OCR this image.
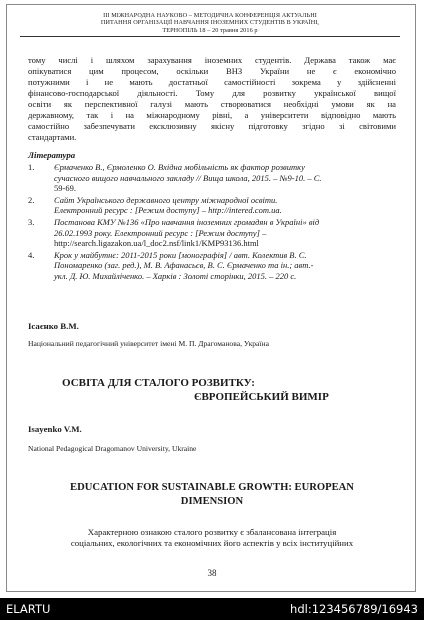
III МІЖНАРОДНА НАУКОВО – МЕТОДИЧНА КОНФЕРЕНЦІЯ АКТУАЛЬНІ
ПИТАННЯ ОРГАНІЗАЦІЇ НАВЧАННЯ ІНОЗЕМНИХ СТУДЕНТІВ В УКРАЇНІ,
ТЕРНОПІЛЬ 18 – 20 травня 2016 р
тому числі і шляхом зарахування іноземних студентів. Держава також має
опікуватися цим процесом, оскільки ВНЗ України не є економічно
потужними і не мають достатньої самостійності зокрема у здійсненні
фінансово-господарської діяльності. Тому для розвитку української вищої
освіти як перспективної галузі мають створюватися необхідні умови як на
державному, так і на міжнародному рівні, а університети відповідно мають
самостійно забезпечувати ексклюзивну якісну підготовку згідно зі світовими
стандартами.
Література
1.	Єрмаченко В., Єрмоленко О. Вхідна мобільність як фактор розвитку
сучасного вищого навчального закладу // Вища школа, 2015. – №9-10. – С.
59-69.
2.	Сайт Українського державного центру міжнародної освіти.
Електронний ресурс : [Режим доступу] – http://intered.com.ua.
3.	Постанова КМУ №136 «Про навчання іноземних громадян в Україні» від
26.02.1993 року. Електронний ресурс : [Режим доступу] –
http://search.ligazakon.ua/l_doc2.nsf/link1/KMP93136.html
4.	Крок у майбутнє: 2011-2015 роки [монографія] / авт. Колектив В. С.
Пономаренко (заг. ред.), М. В. Афанасьєв, В. С. Єрмаченко та ін.; авт.-
укл. Д. Ю. Михайліченко. – Харків : Золоті сторінки, 2015. – 220 с.
Ісаєнко В.М.
Національний педагогічний університет імені М. П. Драгоманова, Україна
ОСВІТА ДЛЯ СТАЛОГО РОЗВИТКУ:
ЄВРОПЕЙСЬКИЙ ВИМІР
Isayenko V.M.
National Pedagogical Dragomanov University, Ukraine
EDUCATION FOR SUSTAINABLE GROWTH: EUROPEAN
DIMENSION
Характерною ознакою сталого розвитку є збалансована інтеграція
соціальних, екологічних та економічних його аспектів у всіх інституційних
38
ELARTU	hdl:123456789/16943
